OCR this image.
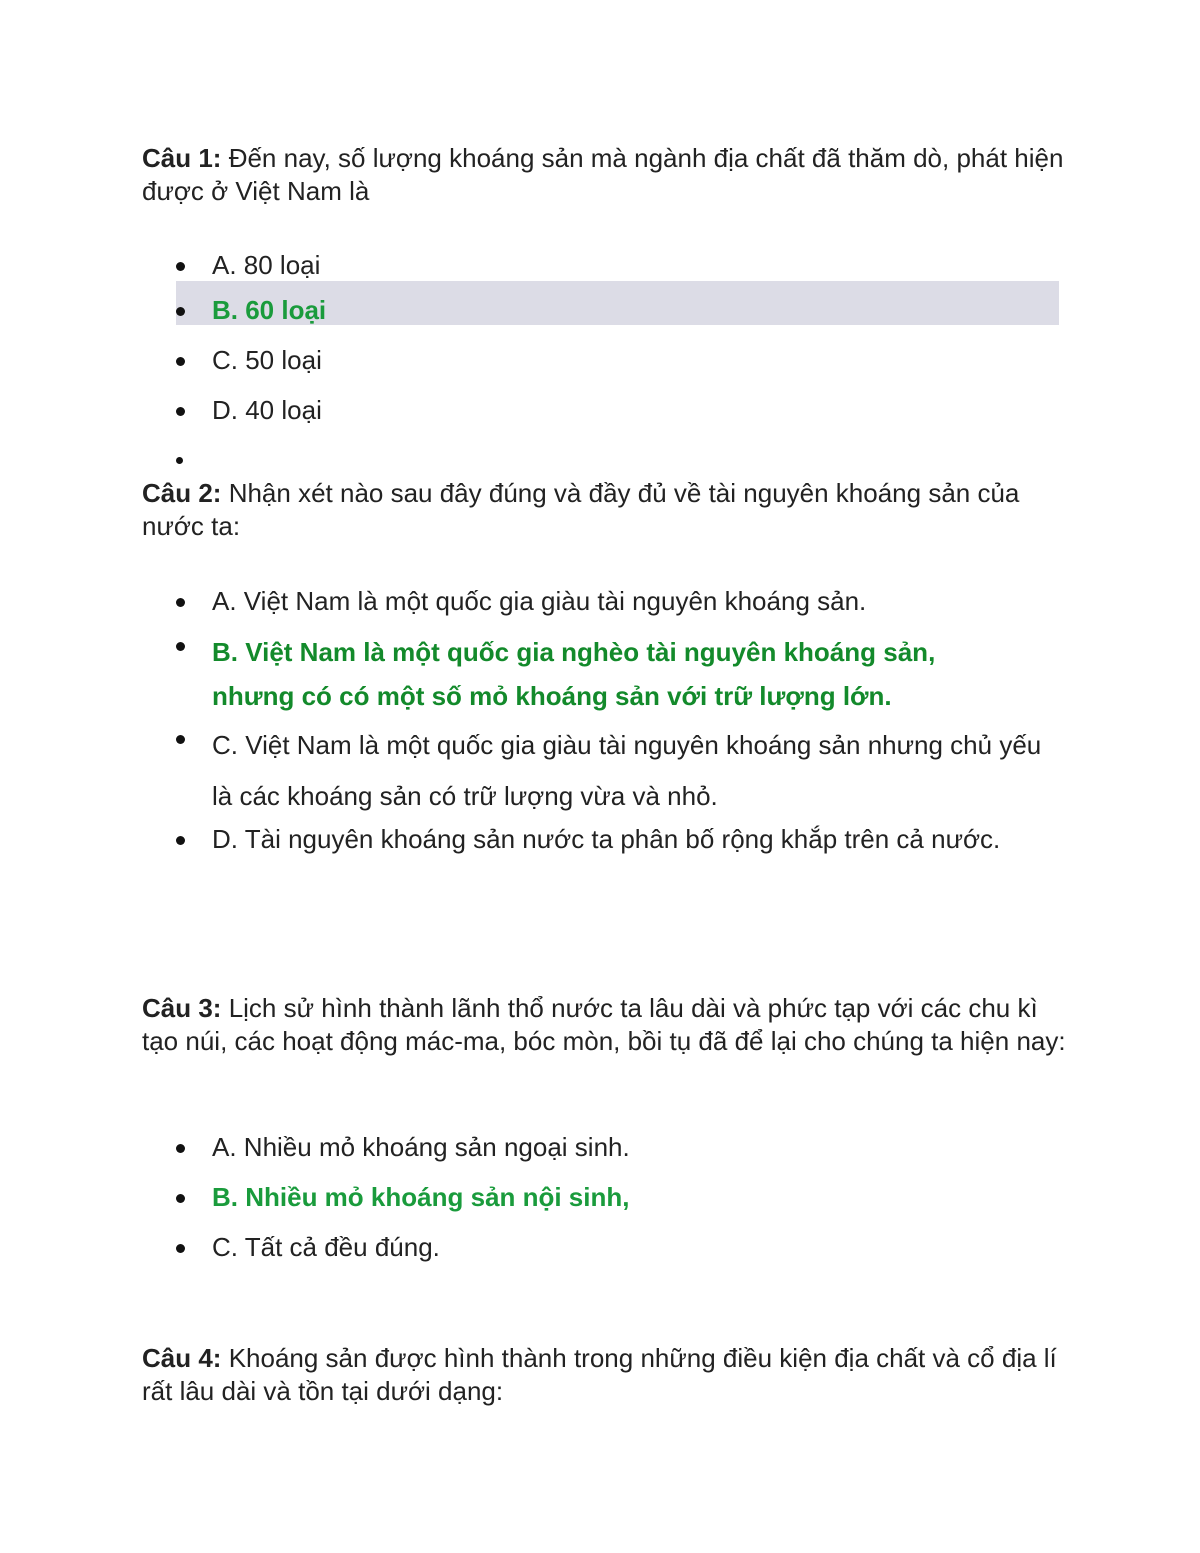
Câu 1: Đến nay, số lượng khoáng sản mà ngành địa chất đã thăm dò, phát hiện được ở Việt Nam là

A. 80 loại

B. 60 loại

C. 50 loại

D. 40 loại

Câu 2: Nhận xét nào sau đây đúng và đầy đủ về tài nguyên khoáng sản của nước ta:

A. Việt Nam là một quốc gia giàu tài nguyên khoáng sản.

B. Việt Nam là một quốc gia nghèo tài nguyên khoáng sản, nhưng có có một số mỏ khoáng sản với trữ lượng lớn.

C. Việt Nam là một quốc gia giàu tài nguyên khoáng sản nhưng chủ yếu là các khoáng sản có trữ lượng vừa và nhỏ.

D. Tài nguyên khoáng sản nước ta phân bố rộng khắp trên cả nước.

Câu 3: Lịch sử hình thành lãnh thổ nước ta lâu dài và phức tạp với các chu kì tạo núi, các hoạt động mác-ma, bóc mòn, bồi tụ đã để lại cho chúng ta hiện nay:

A. Nhiều mỏ khoáng sản ngoại sinh.

B. Nhiều mỏ khoáng sản nội sinh,

C. Tất cả đều đúng.

Câu 4: Khoáng sản được hình thành trong những điều kiện địa chất và cổ địa lí rất lâu dài và tồn tại dưới dạng:
